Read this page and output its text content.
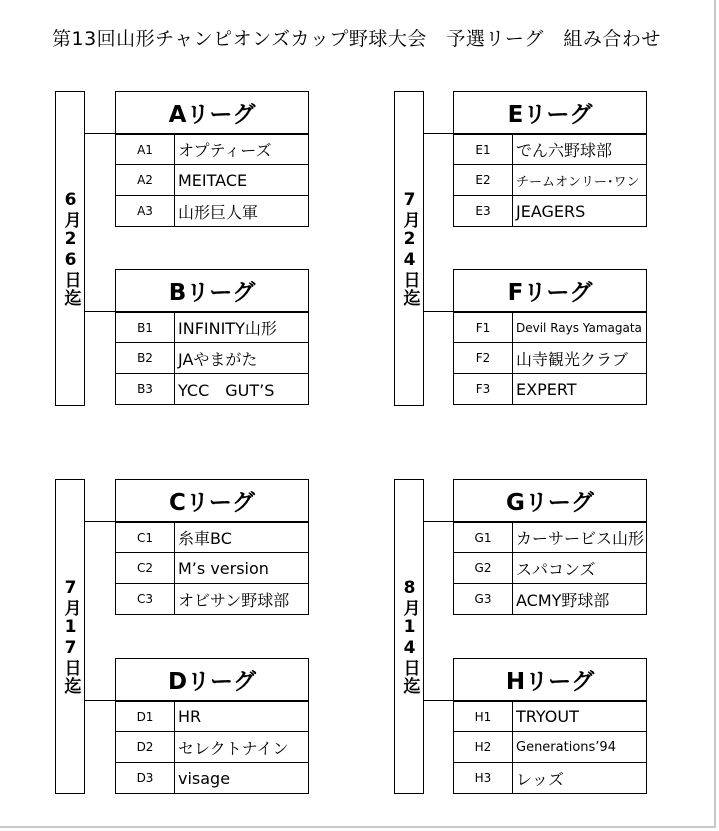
第13回山形チャンピオンズカップ野球大会　予選リーグ　組み合わせ
6月26日迄
Aリーグ
A1	オプティーズ
A2	MEITACE
A3	山形巨人軍
Bリーグ
B1	INFINITY山形
B2	JAやまがた
B3	YCC　GUT’S
7月24日迄
Eリーグ
E1	でん六野球部
E2	チームオンリー･ワン
E3	JEAGERS
Fリーグ
F1	Devil Rays Yamagata
F2	山寺観光クラブ
F3	EXPERT
7月17日迄
Cリーグ
C1	糸車BC
C2	M’s version
C3	オビサン野球部
Dリーグ
D1	HR
D2	セレクトナイン
D3	visage
8月14日迄
Gリーグ
G1	カーサービス山形
G2	スパコンズ
G3	ACMY野球部
Hリーグ
H1	TRYOUT
H2	Generations’94
H3	レッズ
